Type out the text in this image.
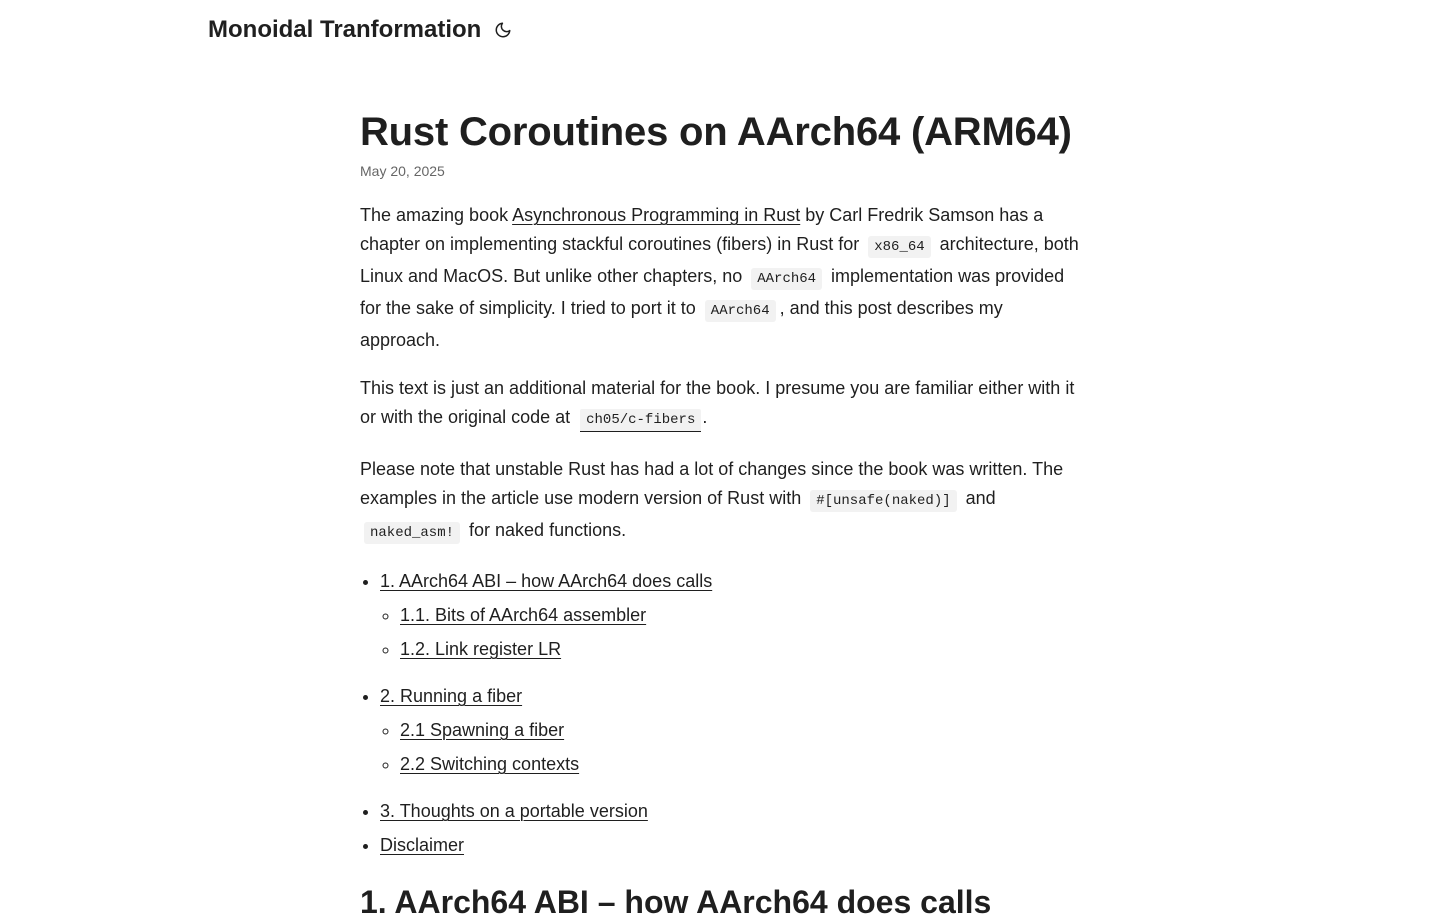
Monoidal Tranformation
Rust Coroutines on AArch64 (ARM64)
May 20, 2025

The amazing book Asynchronous Programming in Rust by Carl Fredrik Samson has a chapter on implementing stackful coroutines (fibers) in Rust for x86_64 architecture, both Linux and MacOS. But unlike other chapters, no AArch64 implementation was provided for the sake of simplicity. I tried to port it to AArch64 , and this post describes my approach.

This text is just an additional material for the book. I presume you are familiar either with it or with the original code at ch05/c-fibers .

Please note that unstable Rust has had a lot of changes since the book was written. The examples in the article use modern version of Rust with #[unsafe(naked)] and naked_asm! for naked functions.

• 1. AArch64 ABI – how AArch64 does calls
◦ 1.1. Bits of AArch64 assembler
◦ 1.2. Link register LR
• 2. Running a fiber
◦ 2.1 Spawning a fiber
◦ 2.2 Switching contexts
• 3. Thoughts on a portable version
• Disclaimer
1. AArch64 ABI – how AArch64 does calls
